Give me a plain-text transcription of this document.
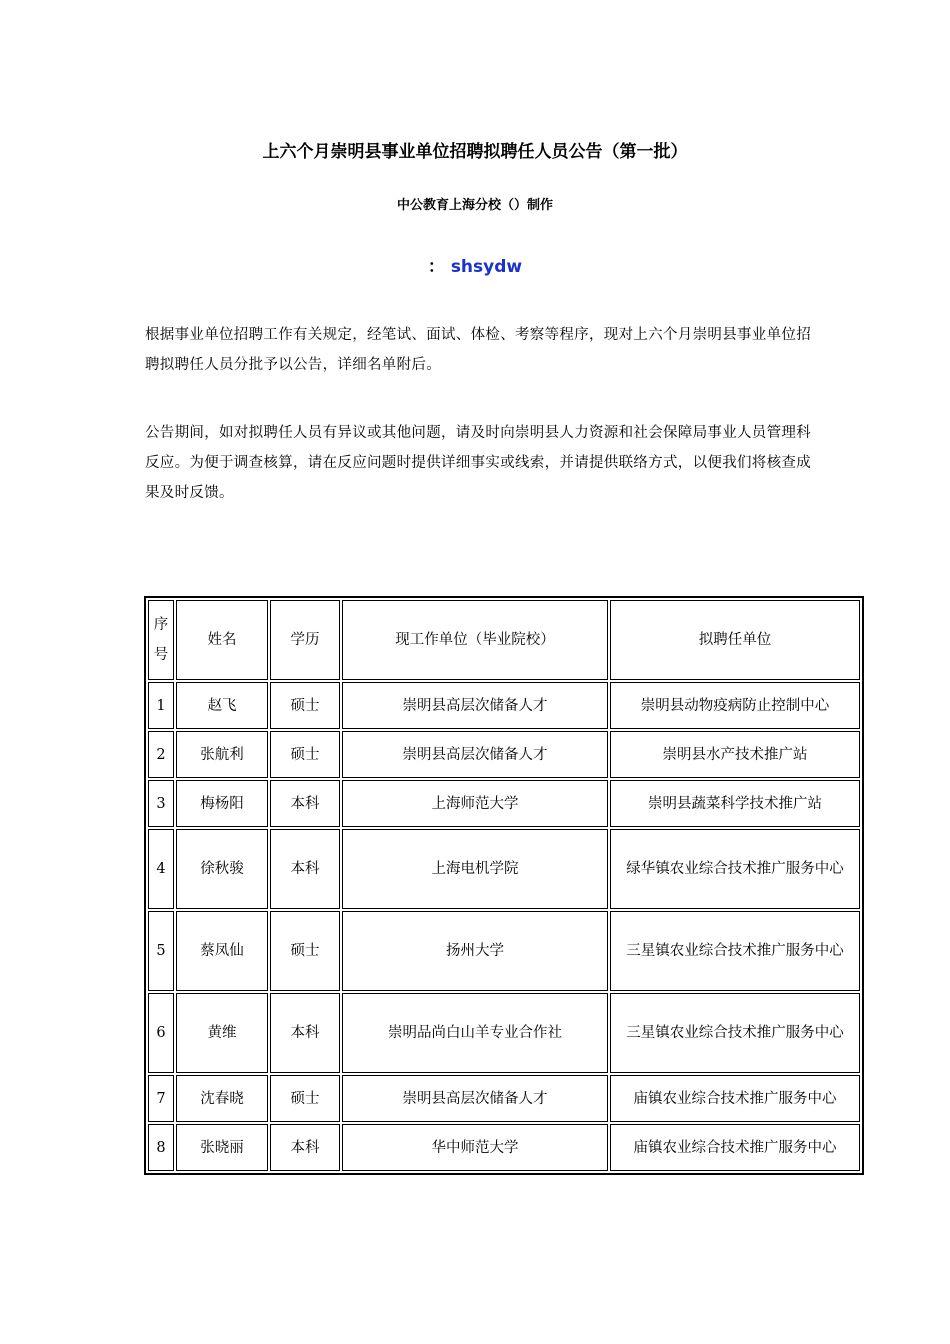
上六个月崇明县事业单位招聘拟聘任人员公告（第一批）
中公教育上海分校（）制作
： shsydw
根据事业单位招聘工作有关规定，经笔试、面试、体检、考察等程序，现对上六个月崇明县事业单位招聘拟聘任人员分批予以公告，详细名单附后。
公告期间，如对拟聘任人员有异议或其他问题，请及时向崇明县人力资源和社会保障局事业人员管理科反应。为便于调查核算，请在反应问题时提供详细事实或线索，并请提供联络方式，以便我们将核查成果及时反馈。
序号	姓名	学历	现工作单位（毕业院校）	拟聘任单位
1	赵飞	硕士	崇明县高层次储备人才	崇明县动物疫病防止控制中心
2	张航利	硕士	崇明县高层次储备人才	崇明县水产技术推广站
3	梅杨阳	本科	上海师范大学	崇明县蔬菜科学技术推广站
4	徐秋骏	本科	上海电机学院	绿华镇农业综合技术推广服务中心
5	蔡凤仙	硕士	扬州大学	三星镇农业综合技术推广服务中心
6	黄维	本科	崇明品尚白山羊专业合作社	三星镇农业综合技术推广服务中心
7	沈春晓	硕士	崇明县高层次储备人才	庙镇农业综合技术推广服务中心
8	张晓丽	本科	华中师范大学	庙镇农业综合技术推广服务中心
